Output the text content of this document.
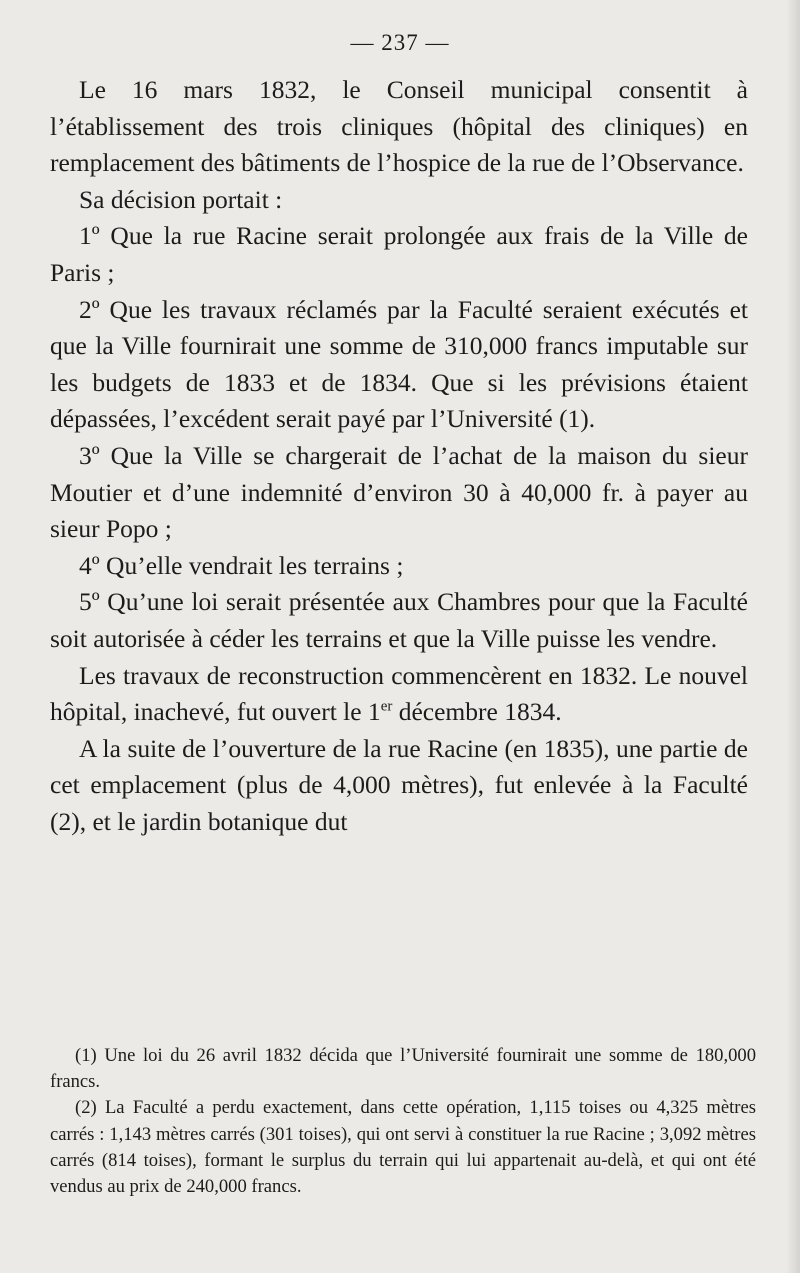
— 237 —

Le 16 mars 1832, le Conseil municipal consentit à l’établissement des trois cliniques (hôpital des cliniques) en remplacement des bâtiments de l’hospice de la rue de l’Observance.

Sa décision portait :

1º Que la rue Racine serait prolongée aux frais de la Ville de Paris ;

2º Que les travaux réclamés par la Faculté seraient exécutés et que la Ville fournirait une somme de 310,000 francs imputable sur les budgets de 1833 et de 1834. Que si les prévisions étaient dépassées, l’excédent serait payé par l’Université (1).

3º Que la Ville se chargerait de l’achat de la maison du sieur Moutier et d’une indemnité d’environ 30 à 40,000 fr. à payer au sieur Popo ;

4º Qu’elle vendrait les terrains ;

5º Qu’une loi serait présentée aux Chambres pour que la Faculté soit autorisée à céder les terrains et que la Ville puisse les vendre.

Les travaux de reconstruction commencèrent en 1832. Le nouvel hôpital, inachevé, fut ouvert le 1er décembre 1834.

A la suite de l’ouverture de la rue Racine (en 1835), une partie de cet emplacement (plus de 4,000 mètres), fut enlevée à la Faculté (2), et le jardin botanique dut

(1) Une loi du 26 avril 1832 décida que l’Université fournirait une somme de 180,000 francs.

(2) La Faculté a perdu exactement, dans cette opération, 1,115 toises ou 4,325 mètres carrés : 1,143 mètres carrés (301 toises), qui ont servi à constituer la rue Racine ; 3,092 mètres carrés (814 toises), formant le surplus du terrain qui lui appartenait au-delà, et qui ont été vendus au prix de 240,000 francs.
